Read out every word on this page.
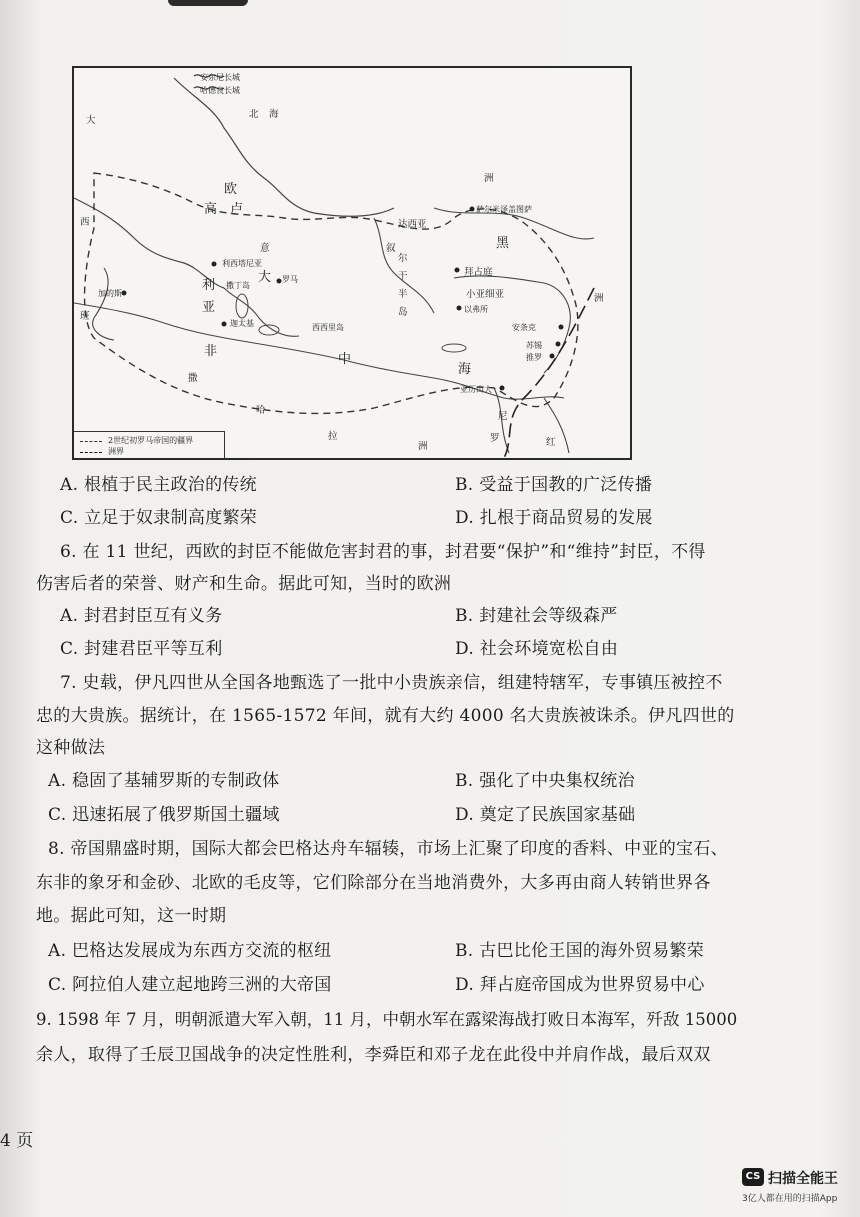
安东尼长城
哈德良长城
北 海
大
洲
欧
高 卢
西	达西亚
萨尔米泽盖图萨
黑
叙
意
大
尔
干
半
岛
拜占庭
小亚细亚
以弗所
利西塔尼亚
罗马
利
加的斯
撒丁岛
亚
迦太基	西西里岛
班
中
海
安条克
苏锡
推罗
非
撒
哈
拉
亚历山大
洲
尼
罗	红
洲
2世纪初罗马帝国的疆界
洲界
A. 根植于民主政治的传统	B. 受益于国教的广泛传播
C. 立足于奴隶制高度繁荣	D. 扎根于商品贸易的发展
6. 在 11 世纪，西欧的封臣不能做危害封君的事，封君要“保护”和“维持”封臣，不得
伤害后者的荣誉、财产和生命。据此可知，当时的欧洲
A. 封君封臣互有义务	B. 封建社会等级森严
C. 封建君臣平等互利	D. 社会环境宽松自由
7. 史载，伊凡四世从全国各地甄选了一批中小贵族亲信，组建特辖军，专事镇压被控不
忠的大贵族。据统计，在 1565-1572 年间，就有大约 4000 名大贵族被诛杀。伊凡四世的
这种做法
A. 稳固了基辅罗斯的专制政体	B. 强化了中央集权统治
C. 迅速拓展了俄罗斯国土疆域	D. 奠定了民族国家基础
8. 帝国鼎盛时期，国际大都会巴格达舟车辐辏，市场上汇聚了印度的香料、中亚的宝石、
东非的象牙和金砂、北欧的毛皮等，它们除部分在当地消费外，大多再由商人转销世界各
地。据此可知，这一时期
A. 巴格达发展成为东西方交流的枢纽	B. 古巴比伦王国的海外贸易繁荣
C. 阿拉伯人建立起地跨三洲的大帝国	D. 拜占庭帝国成为世界贸易中心
9. 1598 年 7 月，明朝派遣大军入朝，11 月，中朝水军在露梁海战打败日本海军，歼敌 15000
余人，取得了壬辰卫国战争的决定性胜利，李舜臣和邓子龙在此役中并肩作战，最后双双
4 页
CS 扫描全能王
3亿人都在用的扫描App
